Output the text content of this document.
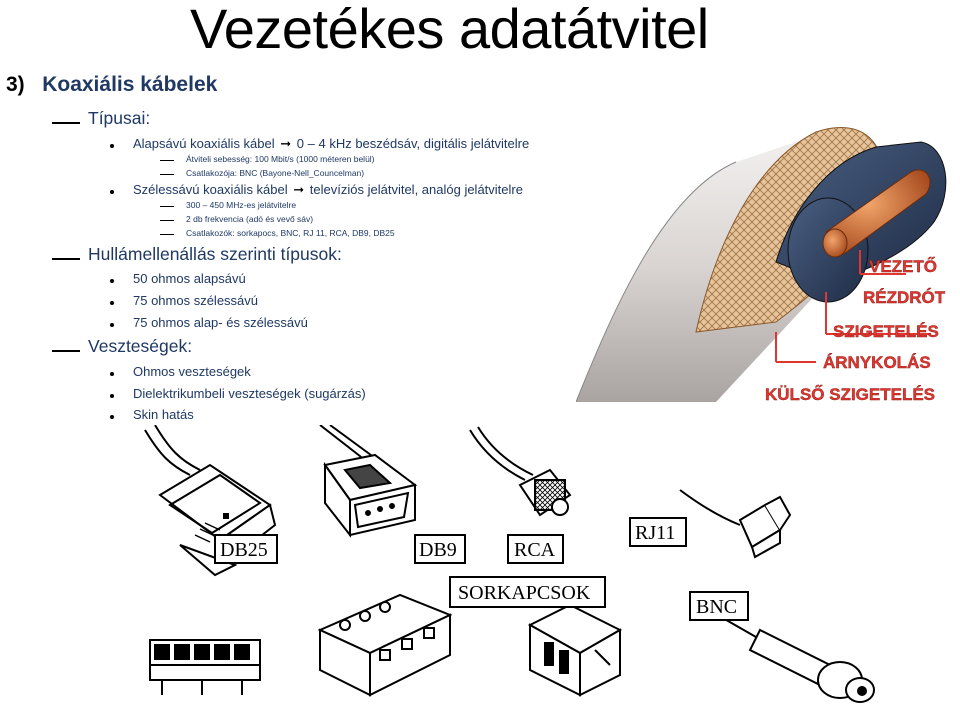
Vezetékes adatátvitel
3) Koaxiális kábelek
Típusai:
Alapsávú koaxiális kábel ➞ 0 – 4 kHz beszédsáv, digitális jelátvitelre
Átviteli sebesség: 100 Mbit/s (1000 méteren belül)
Csatlakozója: BNC (Bayone-Nell_Councelman)
Szélessávú koaxiális kábel ➞ televíziós jelátvitel, analóg jelátvitelre
300 – 450 MHz-es jelátvitelre
2 db frekvencia (adó és vevő sáv)
Csatlakozók: sorkapocs, BNC, RJ 11, RCA, DB9, DB25
Hullámellenállás szerinti típusok:
50 ohmos alapsávú
75 ohmos szélessávú
75 ohmos alap- és szélessávú
Veszteségek:
Ohmos veszteségek
Dielektrikumbeli veszteségek (sugárzás)
Skin hatás
VEZETŐ
RÉZDRÓT
SZIGETELÉS
ÁRNYKOLÁS
KÜLSŐ SZIGETELÉS
DB25	DB9	RCA
RJ11
SORKAPCSOK
BNC
